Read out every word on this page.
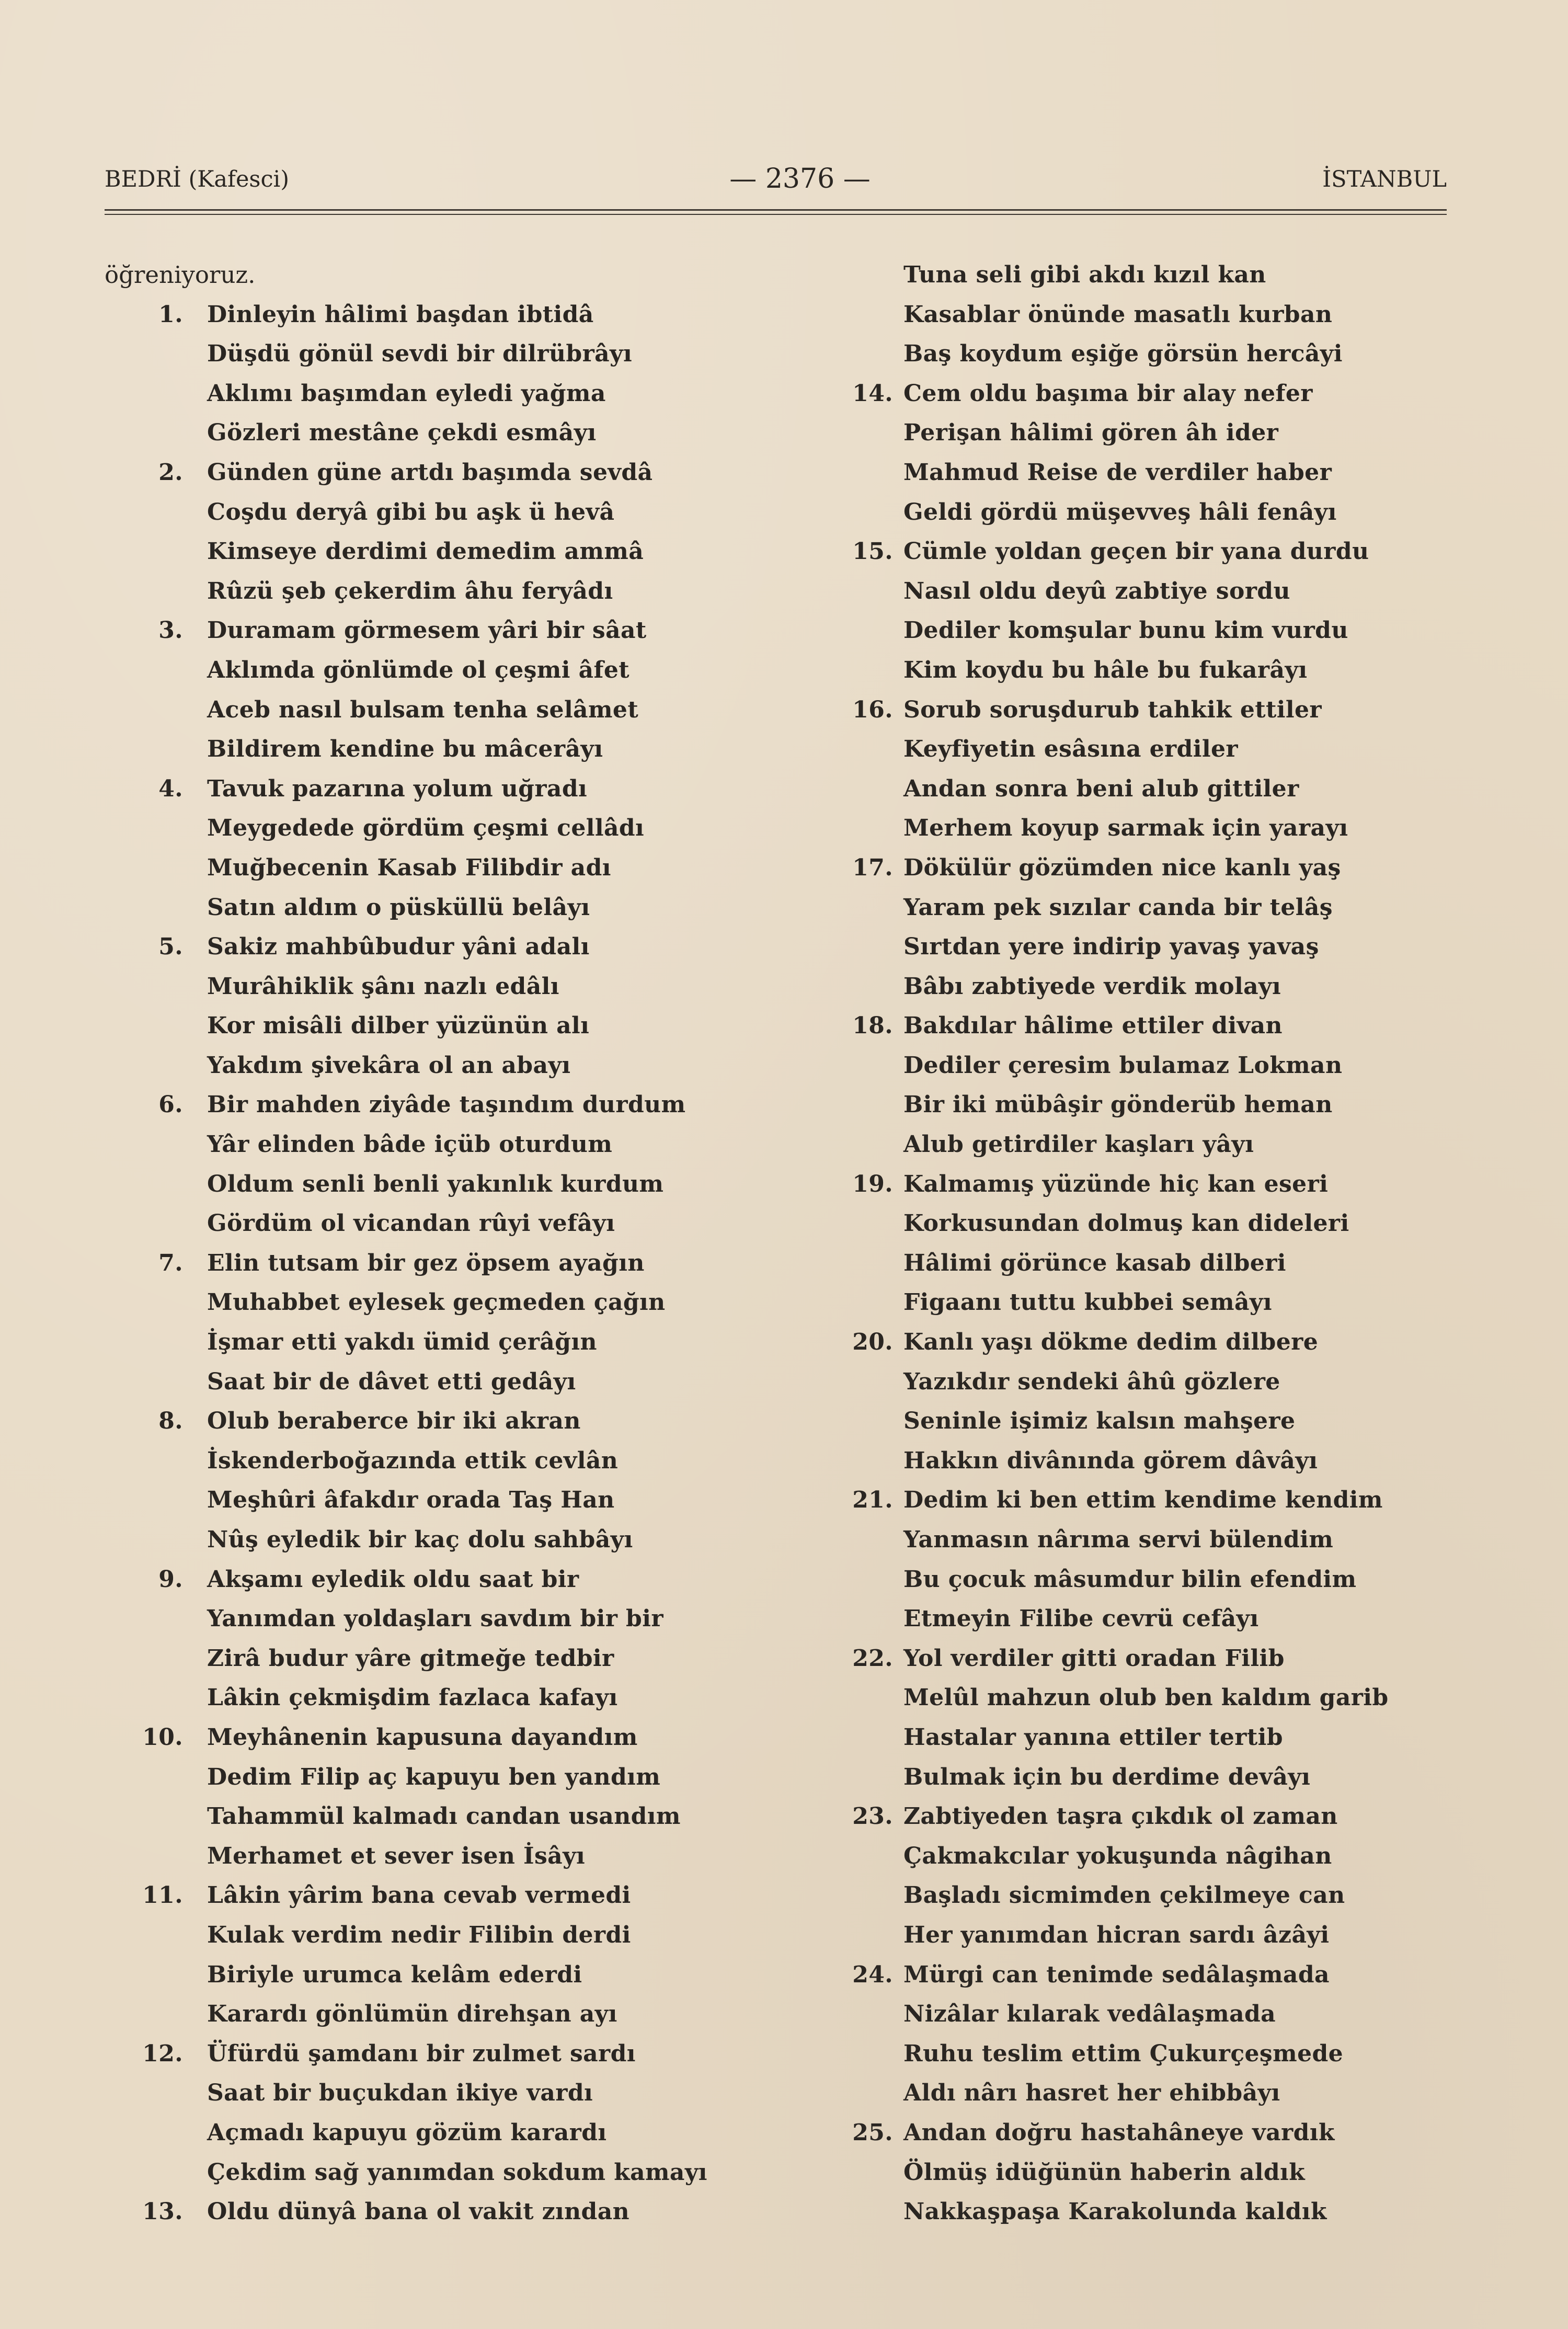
BEDRİ (Kafesci)	— 2376 —	İSTANBUL
öğreniyoruz.
1. Dinleyin hâlimi başdan ibtidâ
Düşdü gönül sevdi bir dilrübrâyı
Aklımı başımdan eyledi yağma
Gözleri mestâne çekdi esmâyı
2. Günden güne artdı başımda sevdâ
Coşdu deryâ gibi bu aşk ü hevâ
Kimseye derdimi demedim ammâ
Rûzü şeb çekerdim âhu feryâdı
3. Duramam görmesem yâri bir sâat
Aklımda gönlümde ol çeşmi âfet
Aceb nasıl bulsam tenha selâmet
Bildirem kendine bu mâcerâyı
4. Tavuk pazarına yolum uğradı
Meygedede gördüm çeşmi cellâdı
Muğbecenin Kasab Filibdir adı
Satın aldım o püsküllü belâyı
5. Sakiz mahbûbudur yâni adalı
Murâhiklik şânı nazlı edâlı
Kor misâli dilber yüzünün alı
Yakdım şivekâra ol an abayı
6. Bir mahden ziyâde taşındım durdum
Yâr elinden bâde içüb oturdum
Oldum senli benli yakınlık kurdum
Gördüm ol vicandan rûyi vefâyı
7. Elin tutsam bir gez öpsem ayağın
Muhabbet eylesek geçmeden çağın
İşmar etti yakdı ümid çerâğın
Saat bir de dâvet etti gedâyı
8. Olub beraberce bir iki akran
İskenderboğazında ettik cevlân
Meşhûri âfakdır orada Taş Han
Nûş eyledik bir kaç dolu sahbâyı
9. Akşamı eyledik oldu saat bir
Yanımdan yoldaşları savdım bir bir
Zirâ budur yâre gitmeğe tedbir
Lâkin çekmişdim fazlaca kafayı
10. Meyhânenin kapusuna dayandım
Dedim Filip aç kapuyu ben yandım
Tahammül kalmadı candan usandım
Merhamet et sever isen İsâyı
11. Lâkin yârim bana cevab vermedi
Kulak verdim nedir Filibin derdi
Biriyle urumca kelâm ederdi
Karardı gönlümün direhşan ayı
12. Üfürdü şamdanı bir zulmet sardı
Saat bir buçukdan ikiye vardı
Açmadı kapuyu gözüm karardı
Çekdim sağ yanımdan sokdum kamayı
13. Oldu dünyâ bana ol vakit zından
Tuna seli gibi akdı kızıl kan
Kasablar önünde masatlı kurban
Baş koydum eşiğe görsün hercâyi
14. Cem oldu başıma bir alay nefer
Perişan hâlimi gören âh ider
Mahmud Reise de verdiler haber
Geldi gördü müşevveş hâli fenâyı
15. Cümle yoldan geçen bir yana durdu
Nasıl oldu deyû zabtiye sordu
Dediler komşular bunu kim vurdu
Kim koydu bu hâle bu fukarâyı
16. Sorub soruşdurub tahkik ettiler
Keyfiyetin esâsına erdiler
Andan sonra beni alub gittiler
Merhem koyup sarmak için yarayı
17. Dökülür gözümden nice kanlı yaş
Yaram pek sızılar canda bir telâş
Sırtdan yere indirip yavaş yavaş
Bâbı zabtiyede verdik molayı
18. Bakdılar hâlime ettiler divan
Dediler çeresim bulamaz Lokman
Bir iki mübâşir gönderüb heman
Alub getirdiler kaşları yâyı
19. Kalmamış yüzünde hiç kan eseri
Korkusundan dolmuş kan dideleri
Hâlimi görünce kasab dilberi
Figaanı tuttu kubbei semâyı
20. Kanlı yaşı dökme dedim dilbere
Yazıkdır sendeki âhû gözlere
Seninle işimiz kalsın mahşere
Hakkın divânında görem dâvâyı
21. Dedim ki ben ettim kendime kendim
Yanmasın nârıma servi bülendim
Bu çocuk mâsumdur bilin efendim
Etmeyin Filibe cevrü cefâyı
22. Yol verdiler gitti oradan Filib
Melûl mahzun olub ben kaldım garib
Hastalar yanına ettiler tertib
Bulmak için bu derdime devâyı
23. Zabtiyeden taşra çıkdık ol zaman
Çakmakcılar yokuşunda nâgihan
Başladı sicmimden çekilmeye can
Her yanımdan hicran sardı âzâyi
24. Mürgi can tenimde sedâlaşmada
Nizâlar kılarak vedâlaşmada
Ruhu teslim ettim Çukurçeşmede
Aldı nârı hasret her ehibbâyı
25. Andan doğru hastahâneye vardık
Ölmüş idüğünün haberin aldık
Nakkaşpaşa Karakolunda kaldık
